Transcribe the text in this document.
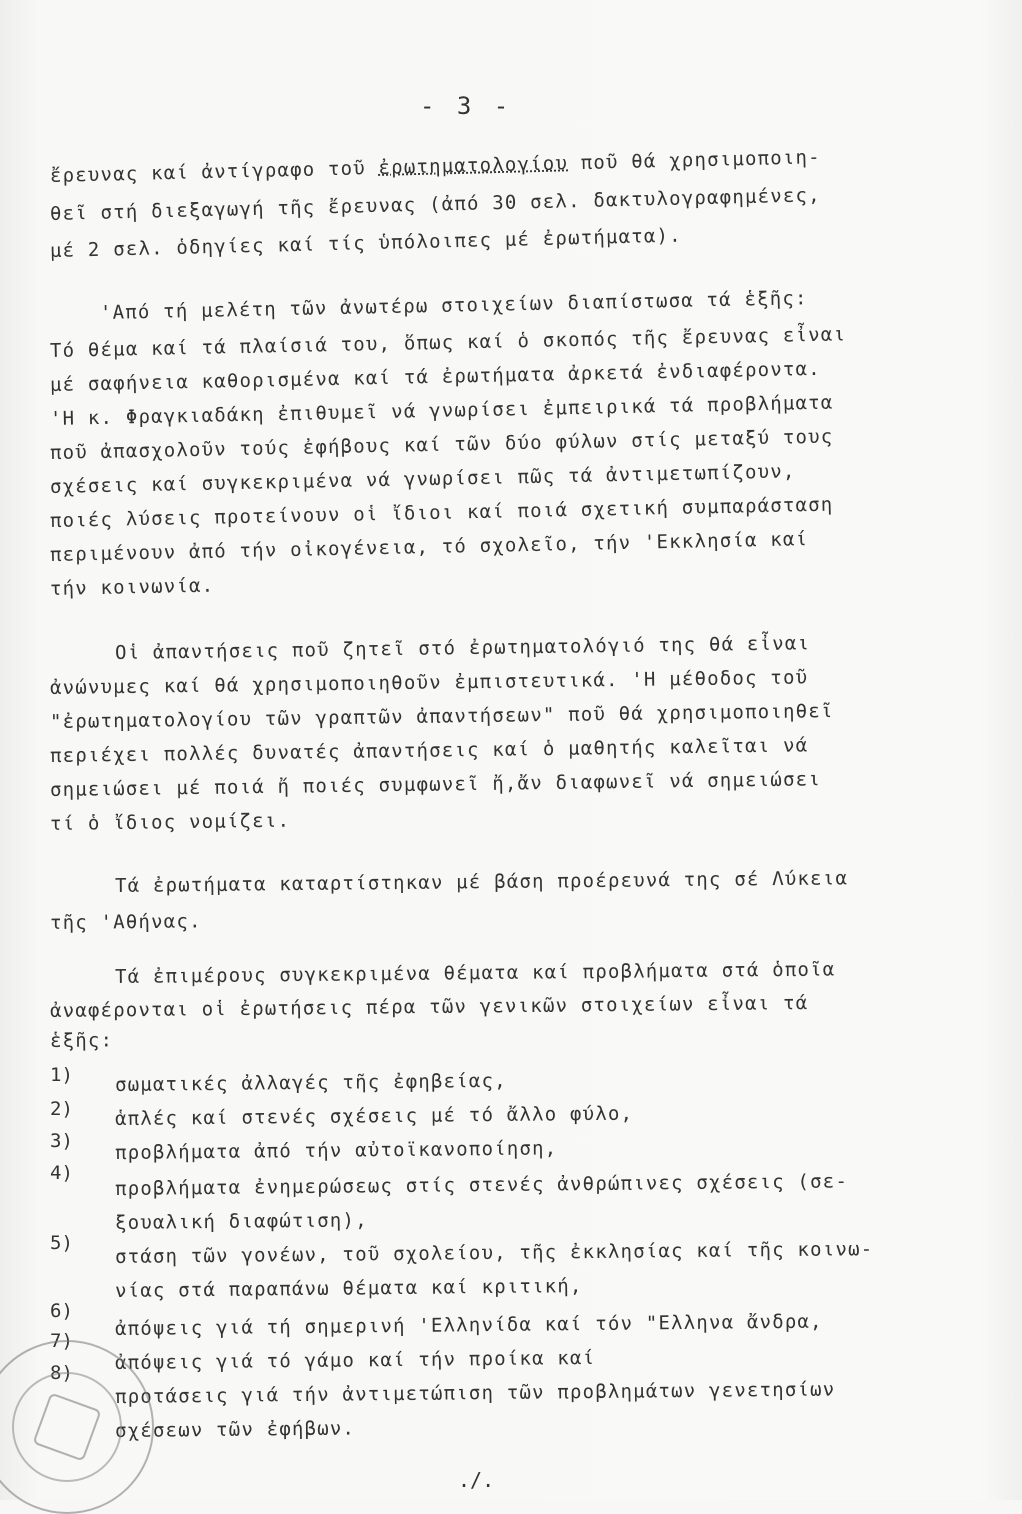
- 3 -
ἔρευνας καί ἀντίγραφο τοῦ ἐρωτηματολογίου ποῦ θά χρησιμοποιη-
θεῖ στή διεξαγωγή τῆς ἔρευνας (ἀπό 30 σελ. δακτυλογραφημένες,
μέ 2 σελ. ὁδηγίες καί τίς ὑπόλοιπες μέ ἐρωτήματα).
'Από τή μελέτη τῶν ἀνωτέρω στοιχείων διαπίστωσα τά ἑξῆς:
Τό θέμα καί τά πλαίσιά του, ὅπως καί ὁ σκοπός τῆς ἔρευνας εἶναι
μέ σαφήνεια καθορισμένα καί τά ἐρωτήματα ἀρκετά ἐνδιαφέροντα.
'Η κ. Φραγκιαδάκη ἐπιθυμεῖ νά γνωρίσει ἐμπειρικά τά προβλήματα
ποῦ ἀπασχολοῦν τούς ἐφήβους καί τῶν δύο φύλων στίς μεταξύ τους
σχέσεις καί συγκεκριμένα νά γνωρίσει πῶς τά ἀντιμετωπίζουν,
ποιές λύσεις προτείνουν οἱ ἴδιοι καί ποιά σχετική συμπαράσταση
περιμένουν ἀπό τήν οἰκογένεια, τό σχολεῖο, τήν 'Εκκλησία καί
τήν κοινωνία.
Οἱ ἀπαντήσεις ποῦ ζητεῖ στό ἐρωτηματολόγιό της θά εἶναι
ἀνώνυμες καί θά χρησιμοποιηθοῦν ἐμπιστευτικά. 'Η μέθοδος τοῦ
"ἐρωτηματολογίου τῶν γραπτῶν ἀπαντήσεων" ποῦ θά χρησιμοποιηθεῖ
περιέχει πολλές δυνατές ἀπαντήσεις καί ὁ μαθητής καλεῖται νά
σημειώσει μέ ποιά ἤ ποιές συμφωνεῖ ἤ,ἄν διαφωνεῖ νά σημειώσει
τί ὁ ἴδιος νομίζει.
Τά ἐρωτήματα καταρτίστηκαν μέ βάση προέρευνά της σέ Λύκεια
τῆς 'Αθήνας.
Τά ἐπιμέρους συγκεκριμένα θέματα καί προβλήματα στά ὁποῖα
ἀναφέρονται οἱ ἐρωτήσεις πέρα τῶν γενικῶν στοιχείων εἶναι τά
ἑξῆς:
1)
2)
3)
4)
5)
6)
7)
8)
σωματικές ἀλλαγές τῆς ἐφηβείας,
ἁπλές καί στενές σχέσεις μέ τό ἄλλο φύλο,
προβλήματα ἀπό τήν αὐτοϊκανοποίηση,
προβλήματα ἐνημερώσεως στίς στενές ἀνθρώπινες σχέσεις (σε-
ξουαλική διαφώτιση),
στάση τῶν γονέων, τοῦ σχολείου, τῆς ἐκκλησίας καί τῆς κοινω-
νίας στά παραπάνω θέματα καί κριτική,
ἀπόψεις γιά τή σημερινή 'Ελληνίδα καί τόν "Ελληνα ἄνδρα,
ἀπόψεις γιά τό γάμο καί τήν προίκα καί
προτάσεις γιά τήν ἀντιμετώπιση τῶν προβλημάτων γενετησίων
σχέσεων τῶν ἐφήβων.
./.
